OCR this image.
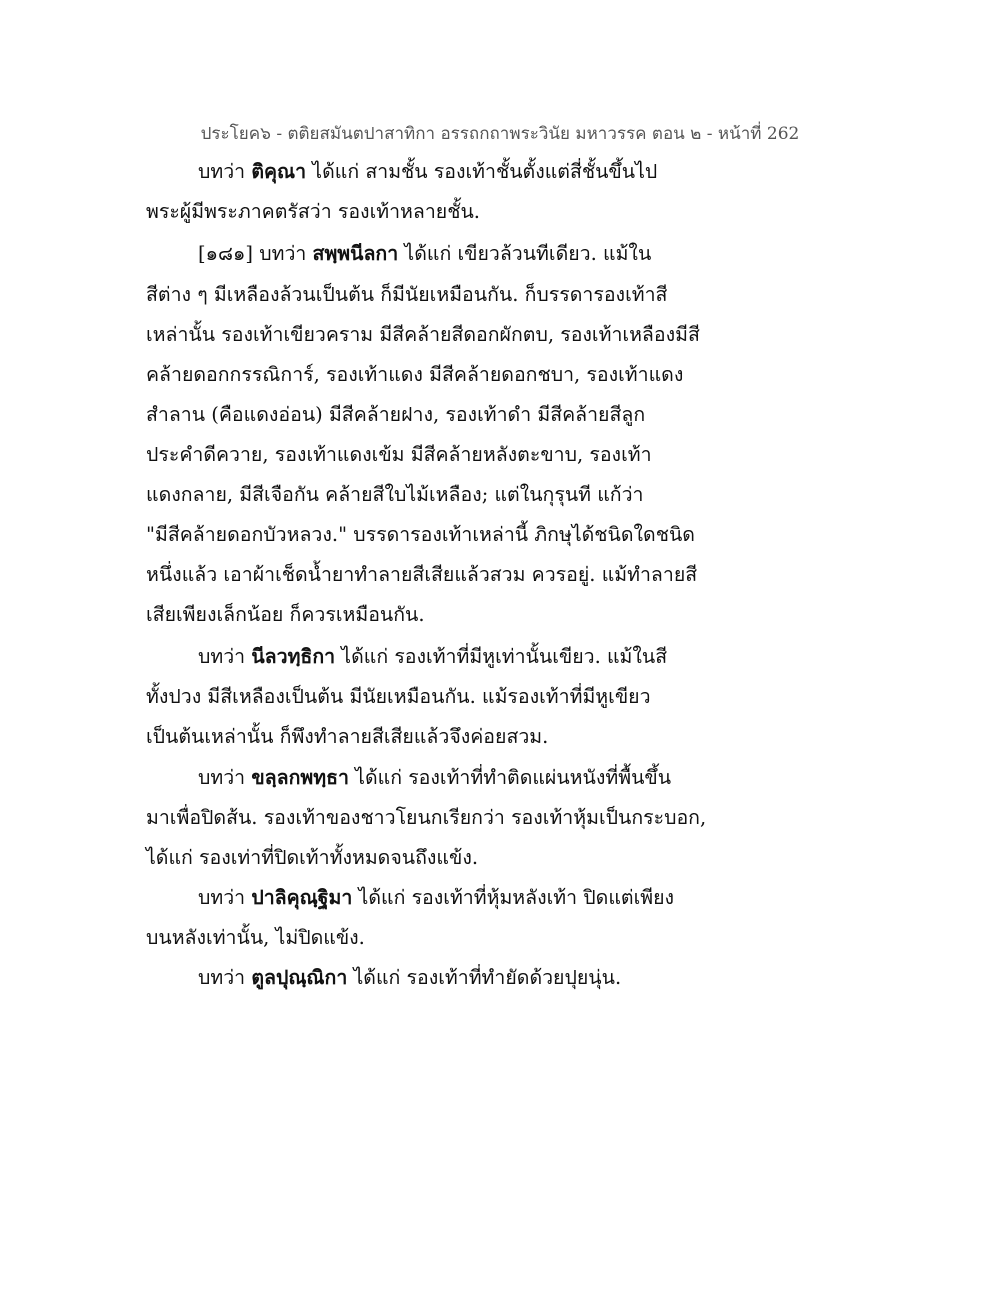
ประโยค๖ - ตติยสมันตปาสาทิกา อรรถกถาพระวินัย มหาวรรค ตอน ๒ - หน้าที่ 262
บทว่า ติคุณา ได้แก่ สามชั้น รองเท้าชั้นตั้งแต่สี่ชั้นขึ้นไป
พระผู้มีพระภาคตรัสว่า รองเท้าหลายชั้น.
[๑๘๑] บทว่า สพฺพนีลกา ได้แก่ เขียวล้วนทีเดียว. แม้ใน
สีต่าง ๆ มีเหลืองล้วนเป็นต้น ก็มีนัยเหมือนกัน. ก็บรรดารองเท้าสี
เหล่านั้น รองเท้าเขียวคราม มีสีคล้ายสีดอกผักตบ, รองเท้าเหลืองมีสี
คล้ายดอกกรรณิการ์, รองเท้าแดง มีสีคล้ายดอกชบา, รองเท้าแดง
สำลาน (คือแดงอ่อน) มีสีคล้ายฝาง, รองเท้าดำ มีสีคล้ายสีลูก
ประคำดีควาย, รองเท้าแดงเข้ม มีสีคล้ายหลังตะขาบ, รองเท้า
แดงกลาย, มีสีเจือกัน คล้ายสีใบไม้เหลือง; แต่ในกุรุนที แก้ว่า
"มีสีคล้ายดอกบัวหลวง." บรรดารองเท้าเหล่านี้ ภิกษุได้ชนิดใดชนิด
หนึ่งแล้ว เอาผ้าเช็ดน้ำยาทำลายสีเสียแล้วสวม ควรอยู่. แม้ทำลายสี
เสียเพียงเล็กน้อย ก็ควรเหมือนกัน.
บทว่า นีลวทฺธิกา ได้แก่ รองเท้าที่มีหูเท่านั้นเขียว. แม้ในสี
ทั้งปวง มีสีเหลืองเป็นต้น มีนัยเหมือนกัน. แม้รองเท้าที่มีหูเขียว
เป็นต้นเหล่านั้น ก็พึงทำลายสีเสียแล้วจึงค่อยสวม.
บทว่า ขลฺลกพทฺธา ได้แก่ รองเท้าที่ทำติดแผ่นหนังที่พื้นขึ้น
มาเพื่อปิดส้น. รองเท้าของชาวโยนกเรียกว่า รองเท้าหุ้มเป็นกระบอก,
ได้แก่ รองเท่าที่ปิดเท้าทั้งหมดจนถึงแข้ง.
บทว่า ปาลิคุณฺฐิมา ได้แก่ รองเท้าที่หุ้มหลังเท้า ปิดแต่เพียง
บนหลังเท่านั้น, ไม่ปิดแข้ง.
บทว่า ตูลปุณฺณิกา ได้แก่ รองเท้าที่ทำยัดด้วยปุยนุ่น.
